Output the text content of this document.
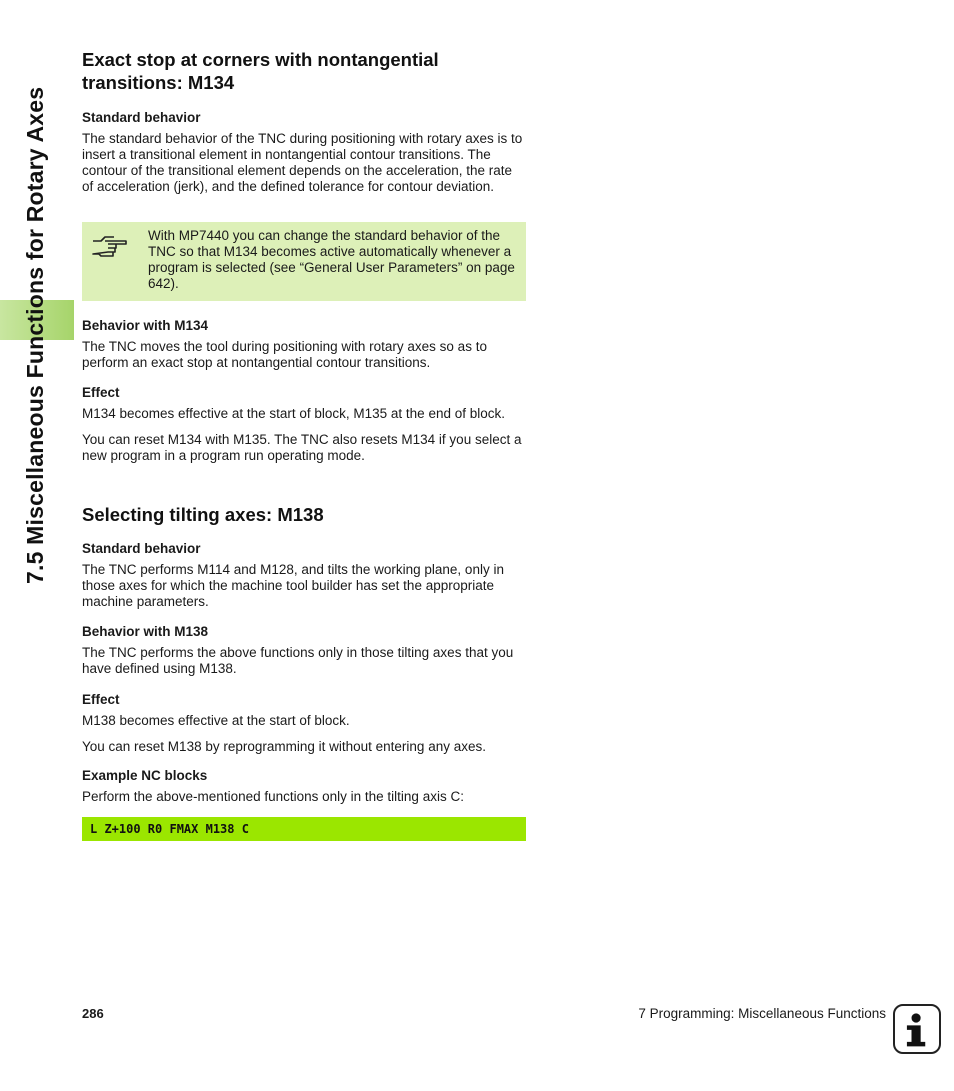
7.5 Miscellaneous Functions for Rotary Axes
Exact stop at corners with nontangential transitions: M134
Standard behavior

The standard behavior of the TNC during positioning with rotary axes is to insert a transitional element in nontangential contour transitions. The contour of the transitional element depends on the acceleration, the rate of acceleration (jerk), and the defined tolerance for contour deviation.

With MP7440 you can change the standard behavior of the TNC so that M134 becomes active automatically whenever a program is selected (see “General User Parameters” on page 642).
Behavior with M134

The TNC moves the tool during positioning with rotary axes so as to perform an exact stop at nontangential contour transitions.

Effect

M134 becomes effective at the start of block, M135 at the end of block.

You can reset M134 with M135. The TNC also resets M134 if you select a new program in a program run operating mode.

Selecting tilting axes: M138
Standard behavior

The TNC performs M114 and M128, and tilts the working plane, only in those axes for which the machine tool builder has set the appropriate machine parameters.

Behavior with M138

The TNC performs the above functions only in those tilting axes that you have defined using M138.

Effect

M138 becomes effective at the start of block.

You can reset M138 by reprogramming it without entering any axes.

Example NC blocks

Perform the above-mentioned functions only in the tilting axis C:

L Z+100 R0 FMAX M138 C
286	7 Programming: Miscellaneous Functions
